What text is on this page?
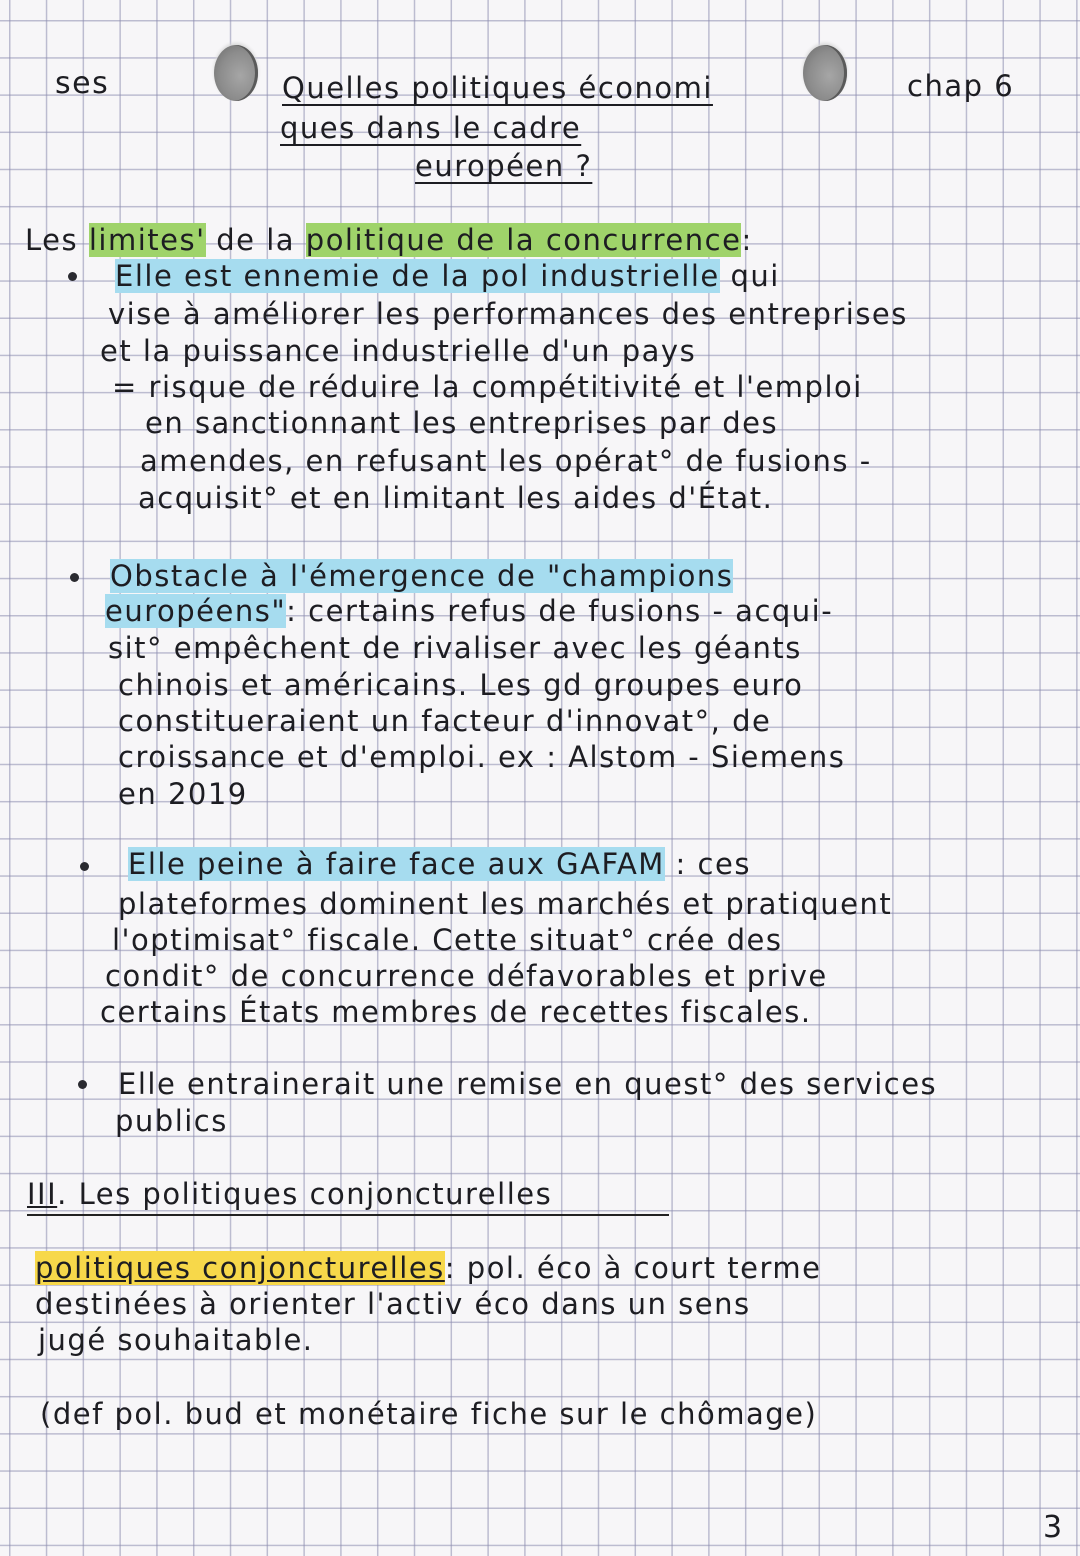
ses	Quelles politiques économi
ques dans le cadre
européen ?
chap 6
Les limites' de la politique de la concurrence:
Elle est ennemie de la pol industrielle qui
vise à améliorer les performances des entreprises
et la puissance industrielle d'un pays
= risque de réduire la compétitivité et l'emploi
en sanctionnant les entreprises par des
amendes, en refusant les opérat° de fusions -
acquisit° et en limitant les aides d'État.
Obstacle à l'émergence de "champions
européens": certains refus de fusions - acqui-
sit° empêchent de rivaliser avec les géants
chinois et américains. Les gd groupes euro
constitueraient un facteur d'innovat°, de
croissance et d'emploi. ex : Alstom - Siemens
en 2019
Elle peine à faire face aux GAFAM : ces
plateformes dominent les marchés et pratiquent
l'optimisat° fiscale. Cette situat° crée des
condit° de concurrence défavorables et prive
certains États membres de recettes fiscales.
Elle entrainerait une remise en quest° des services
publics
III. Les politiques conjoncturelles
politiques conjoncturelles: pol. éco à court terme
destinées à orienter l'activ éco dans un sens
jugé souhaitable.
(def pol. bud et monétaire fiche sur le chômage)
3
